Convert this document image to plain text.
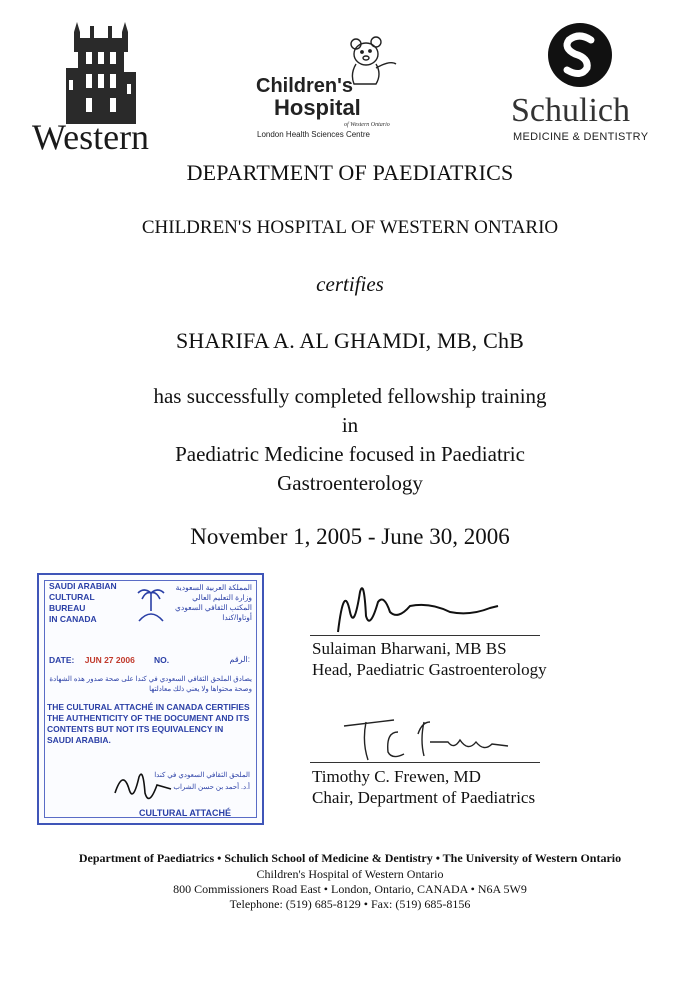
Western
Children's
Hospital
of Western Ontario
London Health Sciences Centre
Schulich
MEDICINE & DENTISTRY
DEPARTMENT OF PAEDIATRICS
CHILDREN'S HOSPITAL OF WESTERN ONTARIO
certifies
SHARIFA A. AL GHAMDI, MB, ChB
has successfully completed fellowship training
in
Paediatric Medicine focused in Paediatric
Gastroenterology
November 1, 2005 - June 30, 2006
SAUDI ARABIAN
CULTURAL
BUREAU
IN CANADA
المملكة العربية السعودية
وزارة التعليم العالي
المكتب الثقافي السعودي
أوتاوا/كندا
DATE: JUN 27 2006 NO.	الرقم:
يصادق الملحق الثقافي السعودي في كندا على صحة صدور هذه الشهادة وصحة محتواها ولا يعني ذلك معادلتها
THE CULTURAL ATTACHÉ IN CANADA CERTIFIES THE AUTHENTICITY OF THE DOCUMENT AND ITS CONTENTS BUT NOT ITS EQUIVALENCY IN SAUDI ARABIA.
الملحق الثقافي السعودي في كندا
أ.د. أحمد بن حسن الشراب
CULTURAL ATTACHÉ
Sulaiman Bharwani, MB BS
Head, Paediatric Gastroenterology
Timothy C. Frewen, MD
Chair, Department of Paediatrics
Department of Paediatrics • Schulich School of Medicine & Dentistry • The University of Western Ontario
Children's Hospital of Western Ontario
800 Commissioners Road East • London, Ontario, CANADA • N6A 5W9
Telephone: (519) 685-8129 • Fax: (519) 685-8156
